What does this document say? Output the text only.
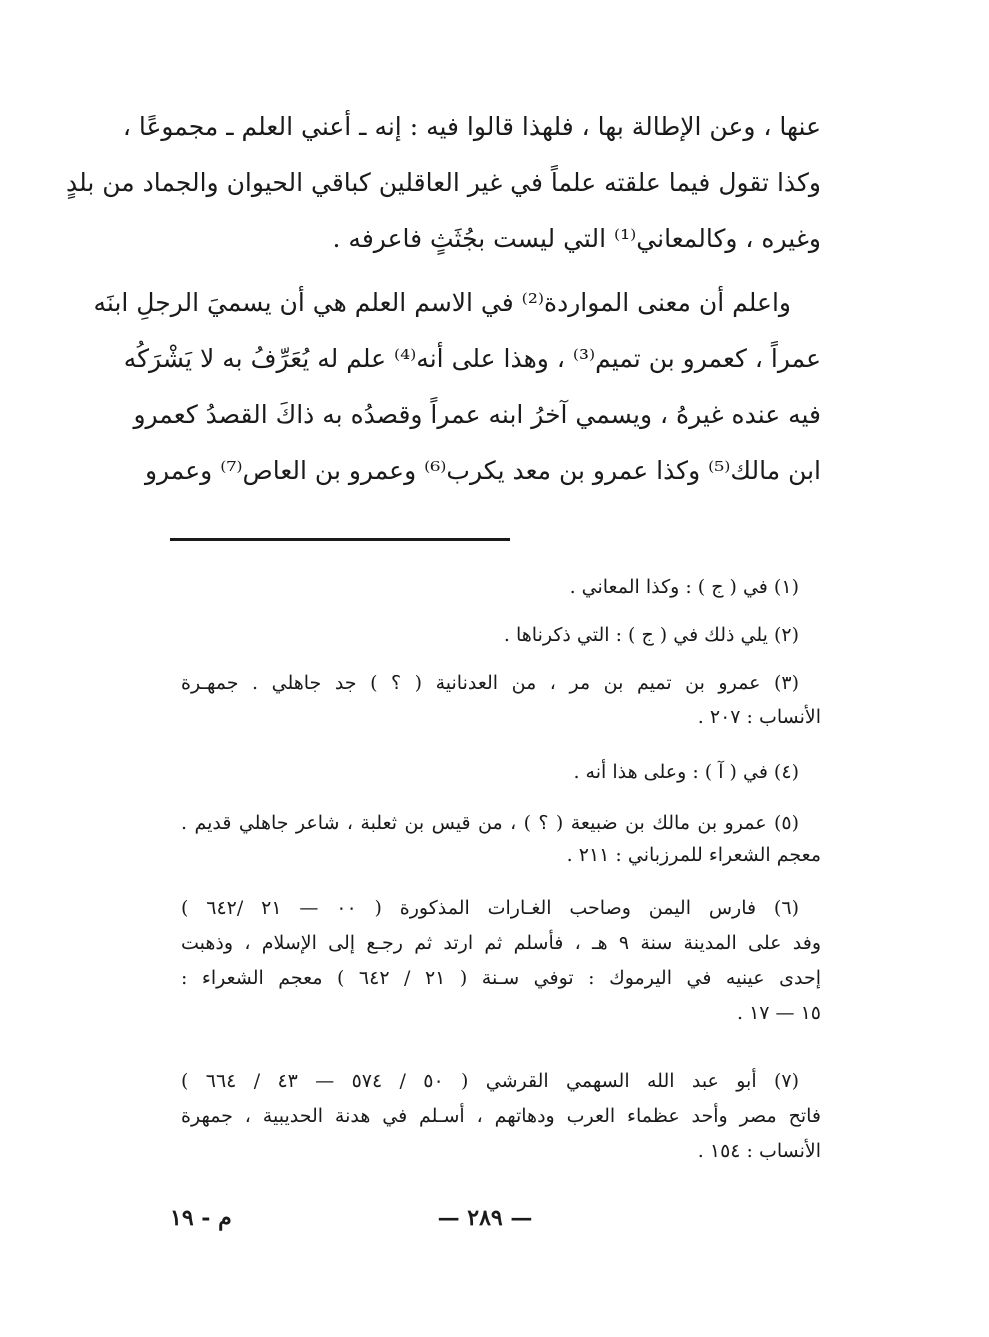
عنها ، وعن الإطالة بها ، فلهذا قالوا فيه : إنه ـ أعني العلم ـ مجموعًا ،
وكذا تقول فيما علقته علماً في غير العاقلين كباقي الحيوان والجماد من بلدٍ
وغيره ، وكالمعاني⁽¹⁾ التي ليست بجُثَثٍ فاعرفه .
واعلم أن معنى المواردة⁽²⁾ في الاسم العلم هي أن يسميَ الرجلِ ابنَه
عمراً ، كعمرو بن تميم⁽³⁾ ، وهذا على أنه⁽⁴⁾ علم له يُعَرِّفُ به لا يَشْرَكُه
فيه عنده غيرهُ ، ويسمي آخرُ ابنه عمراً وقصدُه به ذاكَ القصدُ كعمرو
ابن مالك⁽⁵⁾ وكذا عمرو بن معد يكرب⁽⁶⁾ وعمرو بن العاص⁽⁷⁾ وعمرو
(١) في ( ج ) : وكذا المعاني .
(٢) يلي ذلك في ( ج ) : التي ذكرناها .
(٣) عمرو بن تميم بن مر ، من العدنانية ( ؟ ) جد جاهلي . جمهـرة
الأنساب : ٢٠٧ .
(٤) في ( آ ) : وعلى هذا أنه .
(٥) عمرو بن مالك بن ضبيعة ( ؟ ) ، من قيس بن ثعلبة ، شاعر جاهلي قديم .
معجم الشعراء للمرزباني : ٢١١ .
(٦) فارس اليمن وصاحب الغـارات المذكورة ( ٠٠ — ٢١ /٦٤٢ )
وفد على المدينة سنة ٩ هـ ، فأسلم ثم ارتد ثم رجـع إلى الإسلام ، وذهبت
إحدى عينيه في اليرموك : توفي سـنة ( ٢١ / ٦٤٢ ) معجم الشعراء :
١٥ — ١٧ .
(٧) أبو عبد الله السهمي القرشي ( ٥٠ / ٥٧٤ — ٤٣ / ٦٦٤ )
فاتح مصر وأحد عظماء العرب ودهاتهم ، أسـلم في هدنة الحديبية ، جمهرة
الأنساب : ١٥٤ .
— ٢٨٩ —
م - ١٩
